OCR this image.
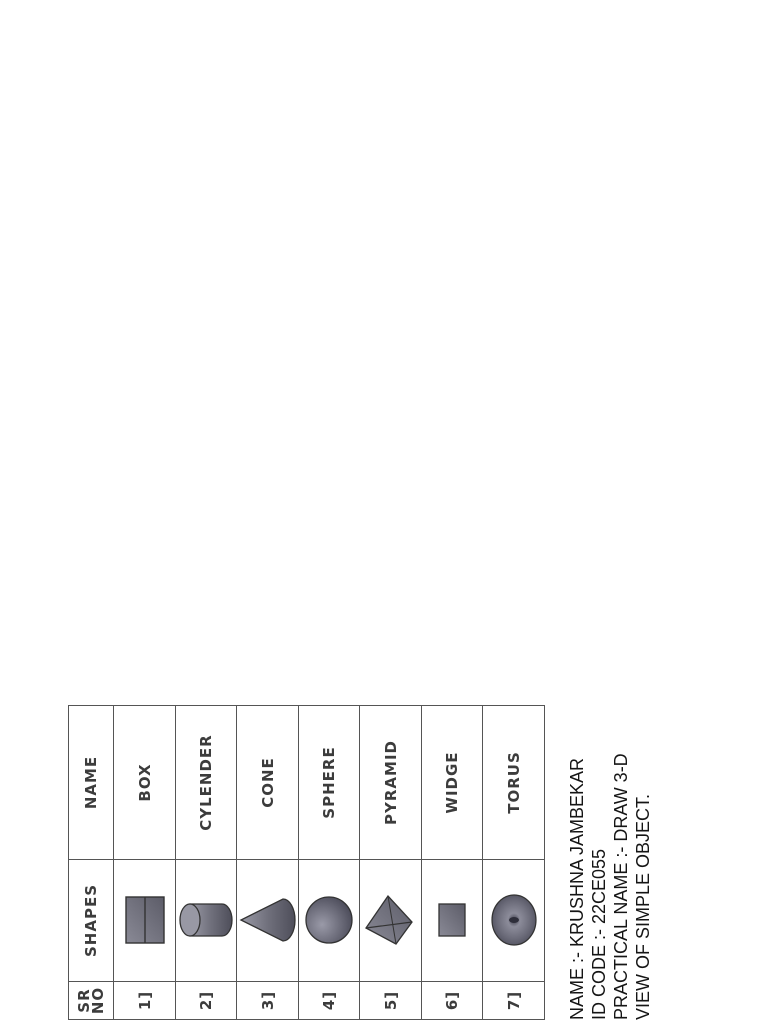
SR
NO	SHAPES	NAME
1]		BOX
2]		CYLENDER
3]		CONE
4]		SPHERE
5]		PYRAMID
6]		WIDGE
7]		TORUS NAME :- KRUSHNA JAMBEKAR ID CODE :- 22CE055 PRACTICAL NAME :- DRAW 3-D VIEW OF SIMPLE OBJECT.
